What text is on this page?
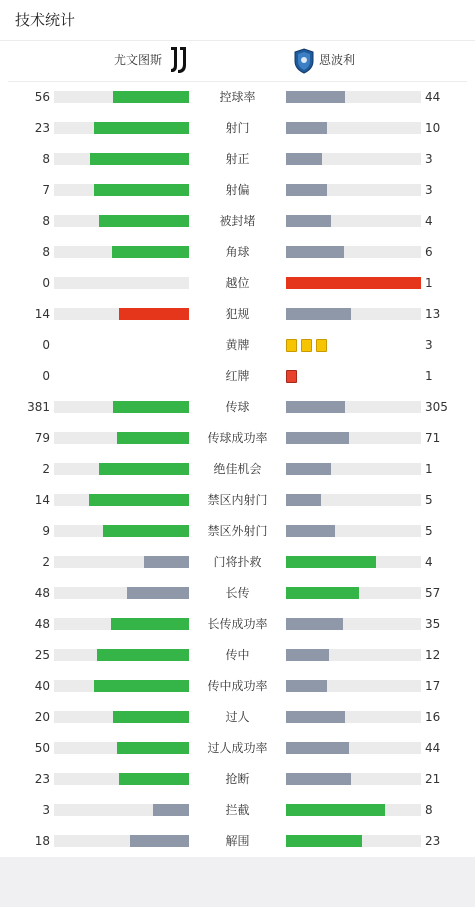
技术统计
尤文图斯	恩波利
56	控球率	44
23	射门	10
8	射正	3
7	射偏	3
8	被封堵	4
8	角球	6
0	越位	1
14	犯规	13
0	黄牌	3
0	红牌	1
381	传球	305
79	传球成功率	71
2	绝佳机会	1
14	禁区内射门	5
9	禁区外射门	5
2	门将扑救	4
48	长传	57
48	长传成功率	35
25	传中	12
40	传中成功率	17
20	过人	16
50	过人成功率	44
23	抢断	21
3	拦截	8
18	解围	23
